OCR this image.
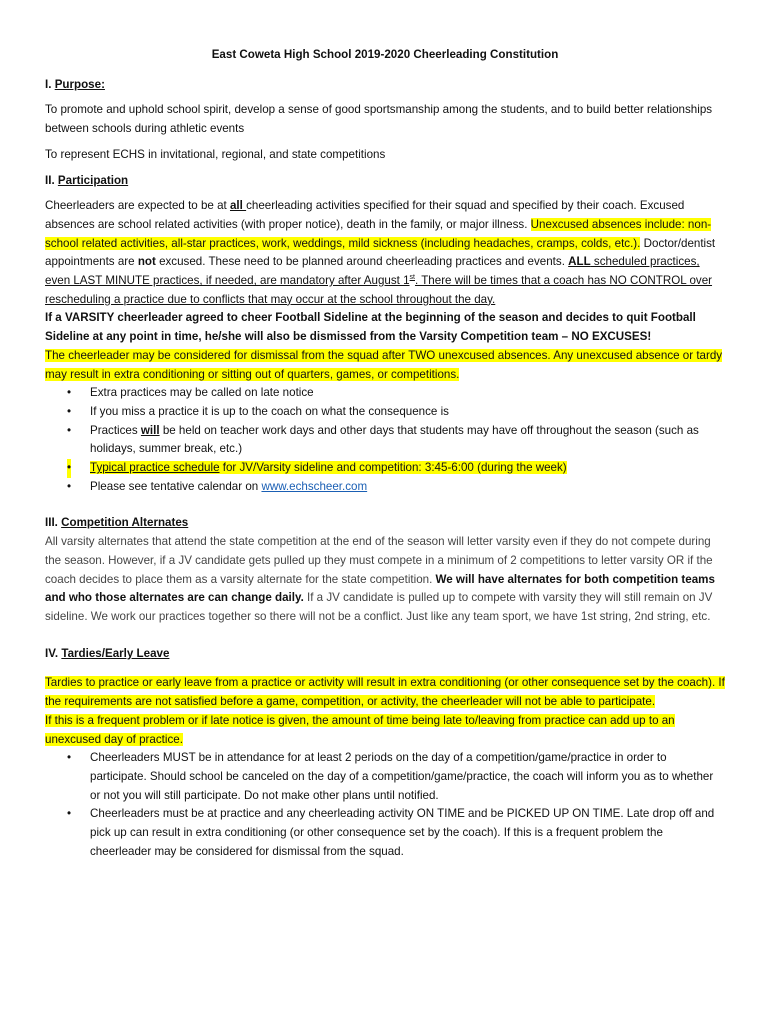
East Coweta High School 2019-2020 Cheerleading Constitution

I. Purpose:

To promote and uphold school spirit, develop a sense of good sportsmanship among the students, and to build better relationships between schools during athletic events

To represent ECHS in invitational, regional, and state competitions

II. Participation

Cheerleaders are expected to be at all cheerleading activities specified for their squad and specified by their coach. Excused absences are school related activities (with proper notice), death in the family, or major illness. Unexcused absences include: non-school related activities, all-star practices, work, weddings, mild sickness (including headaches, cramps, colds, etc.). Doctor/dentist appointments are not excused. These need to be planned around cheerleading practices and events. ALL scheduled practices, even LAST MINUTE practices, if needed, are mandatory after August 1st. There will be times that a coach has NO CONTROL over rescheduling a practice due to conflicts that may occur at the school throughout the day.

If a VARSITY cheerleader agreed to cheer Football Sideline at the beginning of the season and decides to quit Football Sideline at any point in time, he/she will also be dismissed from the Varsity Competition team – NO EXCUSES!

The cheerleader may be considered for dismissal from the squad after TWO unexcused absences. Any unexcused absence or tardy may result in extra conditioning or sitting out of quarters, games, or competitions.

• Extra practices may be called on late notice
• If you miss a practice it is up to the coach on what the consequence is
• Practices will be held on teacher work days and other days that students may have off throughout the season (such as holidays, summer break, etc.)
• Typical practice schedule for JV/Varsity sideline and competition: 3:45-6:00 (during the week)
• Please see tentative calendar on www.echscheer.com

III. Competition Alternates

All varsity alternates that attend the state competition at the end of the season will letter varsity even if they do not compete during the season. However, if a JV candidate gets pulled up they must compete in a minimum of 2 competitions to letter varsity OR if the coach decides to place them as a varsity alternate for the state competition. We will have alternates for both competition teams and who those alternates are can change daily. If a JV candidate is pulled up to compete with varsity they will still remain on JV sideline. We work our practices together so there will not be a conflict. Just like any team sport, we have 1st string, 2nd string, etc.

IV. Tardies/Early Leave

Tardies to practice or early leave from a practice or activity will result in extra conditioning (or other consequence set by the coach). If the requirements are not satisfied before a game, competition, or activity, the cheerleader will not be able to participate.

If this is a frequent problem or if late notice is given, the amount of time being late to/leaving from practice can add up to an unexcused day of practice.

• Cheerleaders MUST be in attendance for at least 2 periods on the day of a competition/game/practice in order to participate. Should school be canceled on the day of a competition/game/practice, the coach will inform you as to whether or not you will still participate. Do not make other plans until notified.
• Cheerleaders must be at practice and any cheerleading activity ON TIME and be PICKED UP ON TIME. Late drop off and pick up can result in extra conditioning (or other consequence set by the coach). If this is a frequent problem the cheerleader may be considered for dismissal from the squad.
